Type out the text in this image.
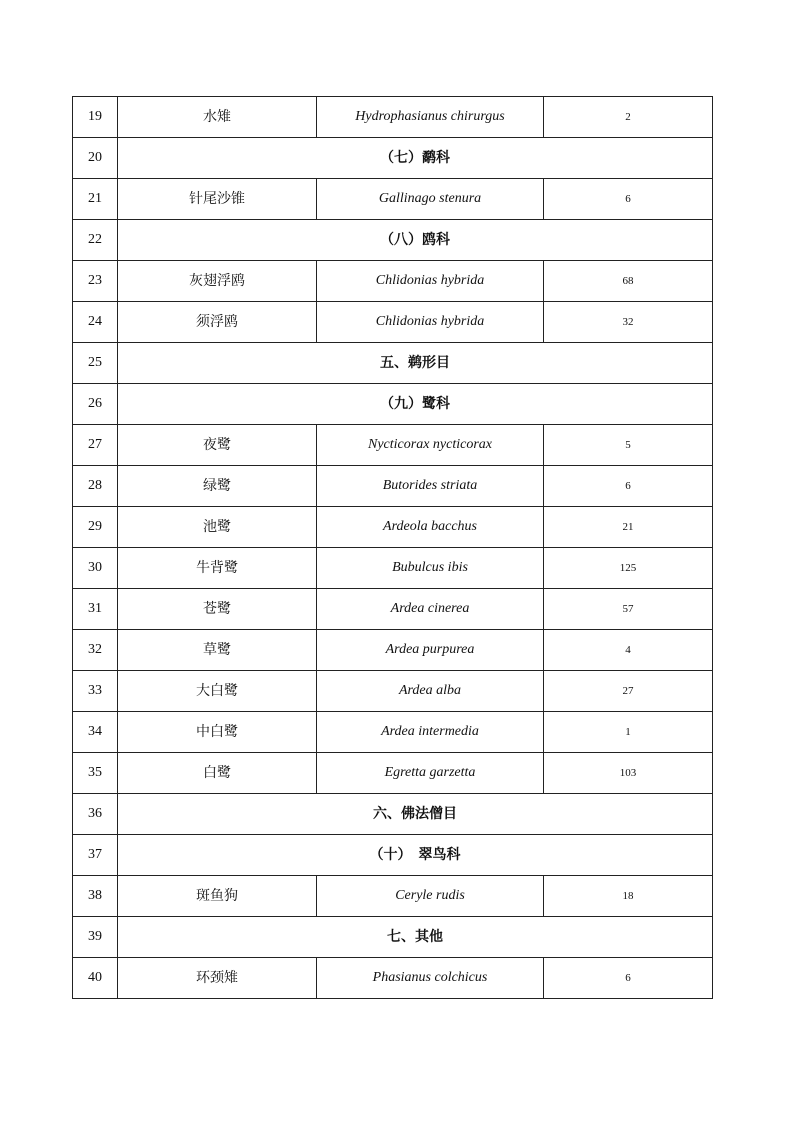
19	水雉	Hydrophasianus chirurgus	2
20	（七）鹬科		
21	针尾沙锥	Gallinago stenura	6
22	（八）鸥科		
23	灰翅浮鸥	Chlidonias hybrida	68
24	须浮鸥	Chlidonias hybrida	32
25	五、鹈形目		
26	（九）鹭科		
27	夜鹭	Nycticorax nycticorax	5
28	绿鹭	Butorides striata	6
29	池鹭	Ardeola bacchus	21
30	牛背鹭	Bubulcus ibis	125
31	苍鹭	Ardea cinerea	57
32	草鹭	Ardea purpurea	4
33	大白鹭	Ardea alba	27
34	中白鹭	Ardea intermedia	1
35	白鹭	Egretta garzetta	103
36	六、佛法僧目		
37	（十）　翠鸟科		
38	斑鱼狗	Ceryle rudis	18
39	七、其他		
40	环颈雉	Phasianus colchicus	6
